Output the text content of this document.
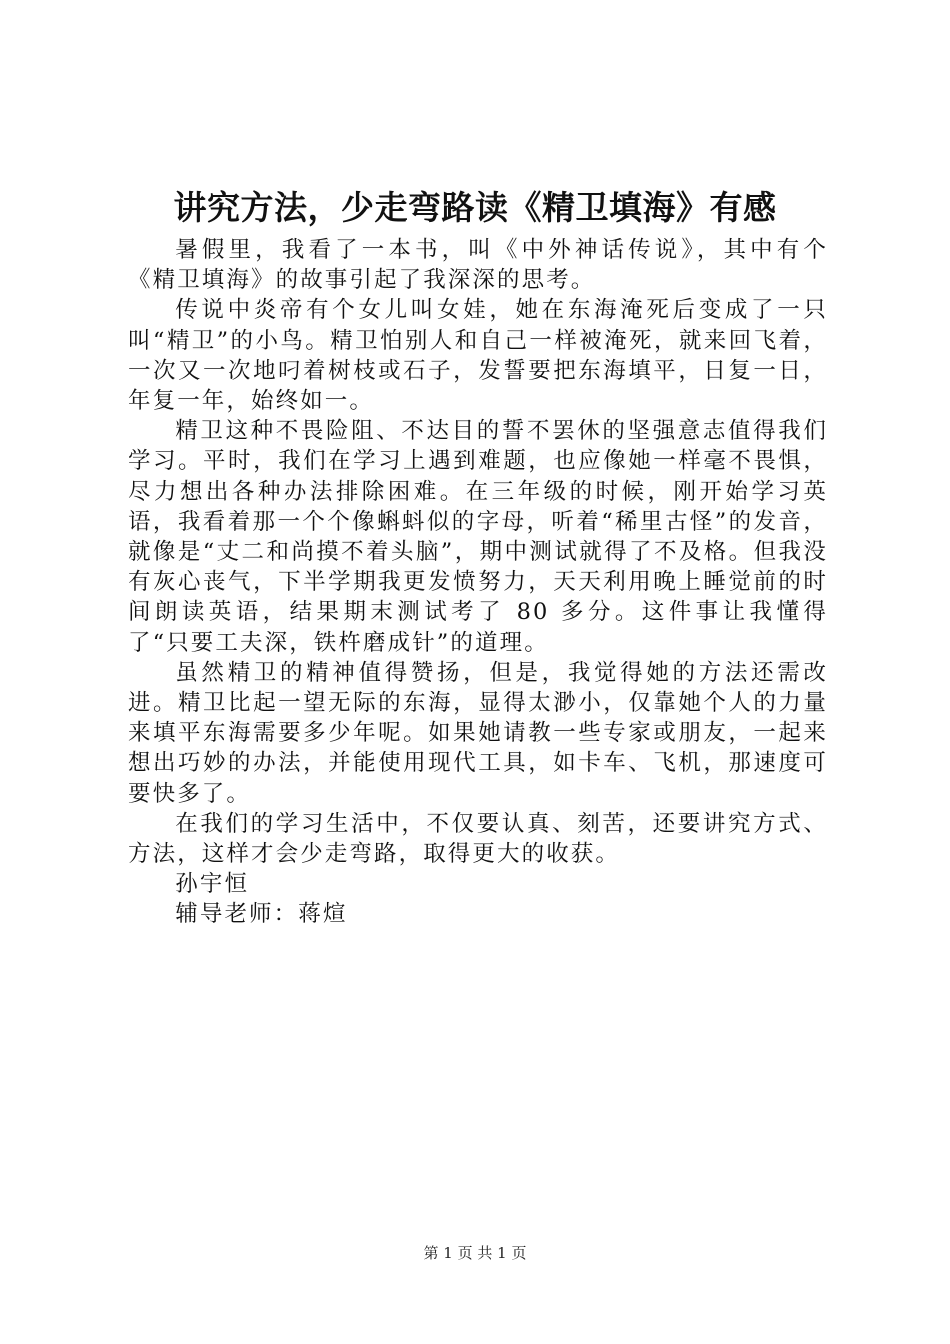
讲究方法，少走弯路读《精卫填海》有感

暑假里，我看了一本书，叫《中外神话传说》，其中有个《精卫填海》的故事引起了我深深的思考。

传说中炎帝有个女儿叫女娃，她在东海淹死后变成了一只叫“精卫”的小鸟。精卫怕别人和自己一样被淹死，就来回飞着，一次又一次地叼着树枝或石子，发誓要把东海填平，日复一日，年复一年，始终如一。

精卫这种不畏险阻、不达目的誓不罢休的坚强意志值得我们学习。平时，我们在学习上遇到难题，也应像她一样毫不畏惧，尽力想出各种办法排除困难。在三年级的时候，刚开始学习英语，我看着那一个个像蝌蚪似的字母，听着“稀里古怪”的发音，就像是“丈二和尚摸不着头脑”，期中测试就得了不及格。但我没有灰心丧气，下半学期我更发愤努力，天天利用晚上睡觉前的时间朗读英语，结果期末测试考了 80 多分。这件事让我懂得了“只要工夫深，铁杵磨成针”的道理。

虽然精卫的精神值得赞扬，但是，我觉得她的方法还需改进。精卫比起一望无际的东海，显得太渺小，仅靠她个人的力量来填平东海需要多少年呢。如果她请教一些专家或朋友，一起来想出巧妙的办法，并能使用现代工具，如卡车、飞机，那速度可要快多了。

在我们的学习生活中，不仅要认真、刻苦，还要讲究方式、方法，这样才会少走弯路，取得更大的收获。

孙宇恒

辅导老师：蒋煊

第 1 页 共 1 页
